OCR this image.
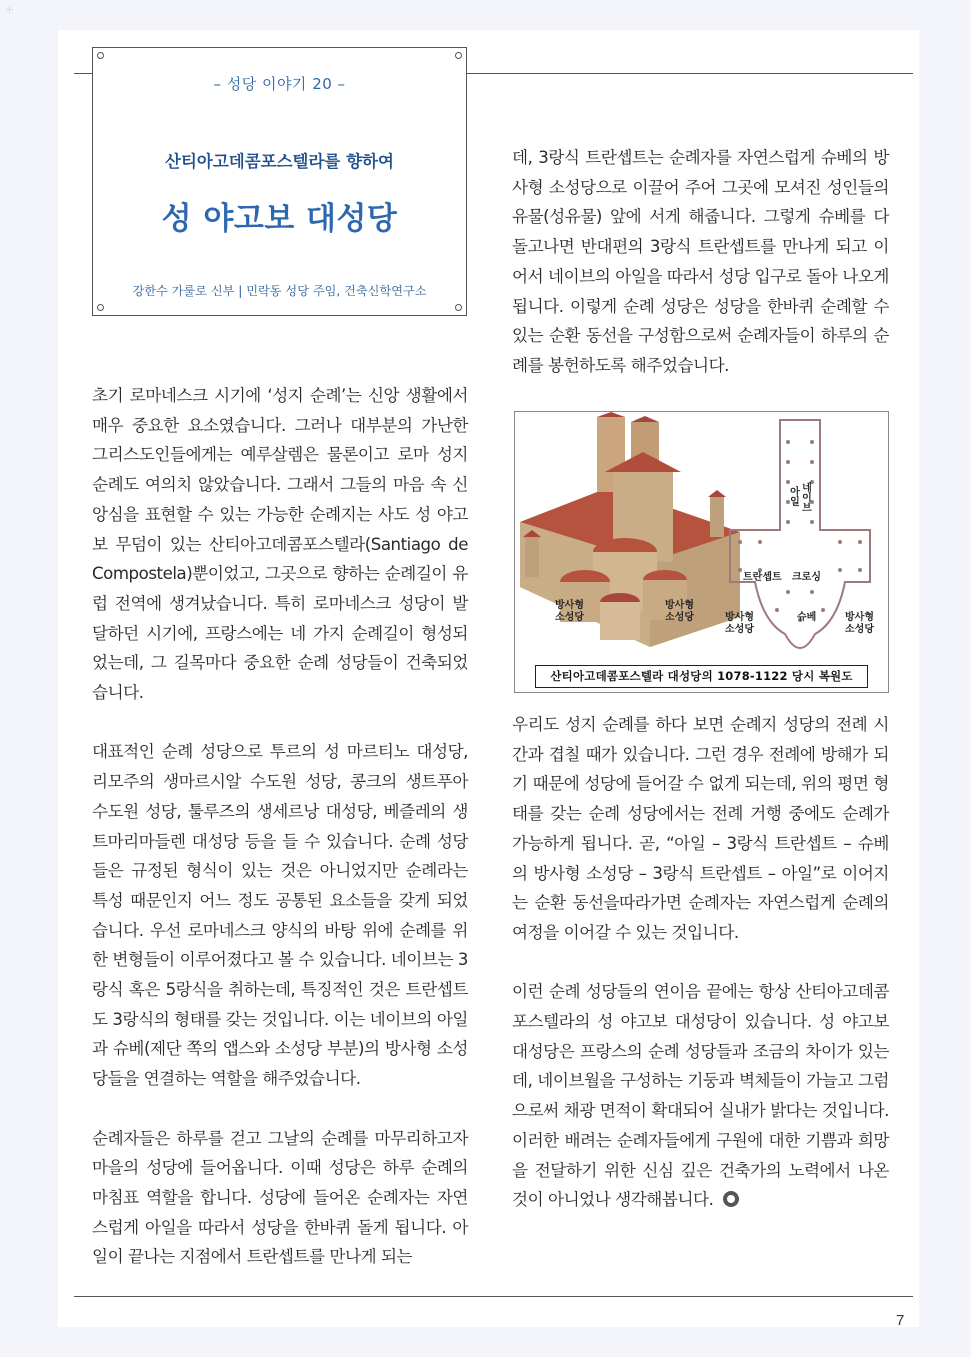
– 성당 이야기 20 –
산티아고데콤포스텔라를 향하여
성 야고보 대성당
강한수 가룰로 신부 | 민락동 성당 주임, 건축신학연구소

초기 로마네스크 시기에 ‘성지 순례’는 신앙 생활에서 매우 중요한 요소였습니다. 그러나 대부분의 가난한 그리스도인들에게는 예루살렘은 물론이고 로마 성지 순례도 여의치 않았습니다. 그래서 그들의 마음 속 신앙심을 표현할 수 있는 가능한 순례지는 사도 성 야고보 무덤이 있는 산티아고데콤포스텔라(Santiago de Compostela)뿐이었고, 그곳으로 향하는 순례길이 유럽 전역에 생겨났습니다. 특히 로마네스크 성당이 발달하던 시기에, 프랑스에는 네 가지 순례길이 형성되었는데, 그 길목마다 중요한 순례 성당들이 건축되었습니다.

대표적인 순례 성당으로 투르의 성 마르티노 대성당, 리모주의 생마르시알 수도원 성당, 콩크의 생트푸아 수도원 성당, 툴루즈의 생세르낭 대성당, 베즐레의 생트마리마들렌 대성당 등을 들 수 있습니다. 순례 성당들은 규정된 형식이 있는 것은 아니었지만 순례라는 특성 때문인지 어느 정도 공통된 요소들을 갖게 되었습니다. 우선 로마네스크 양식의 바탕 위에 순례를 위한 변형들이 이루어졌다고 볼 수 있습니다. 네이브는 3랑식 혹은 5랑식을 취하는데, 특징적인 것은 트란셉트도 3랑식의 형태를 갖는 것입니다. 이는 네이브의 아일과 슈베(제단 쪽의 앱스와 소성당 부분)의 방사형 소성당들을 연결하는 역할을 해주었습니다.

순례자들은 하루를 걷고 그날의 순례를 마무리하고자 마을의 성당에 들어옵니다. 이때 성당은 하루 순례의 마침표 역할을 합니다. 성당에 들어온 순례자는 자연스럽게 아일을 따라서 성당을 한바퀴 돌게 됩니다. 아일이 끝나는 지점에서 트란셉트를 만나게 되는

데, 3랑식 트란셉트는 순례자를 자연스럽게 슈베의 방사형 소성당으로 이끌어 주어 그곳에 모셔진 성인들의 유물(성유물) 앞에 서게 해줍니다. 그렇게 슈베를 다 돌고나면 반대편의 3랑식 트란셉트를 만나게 되고 이어서 네이브의 아일을 따라서 성당 입구로 돌아 나오게 됩니다. 이렇게 순례 성당은 성당을 한바퀴 순례할 수 있는 순환 동선을 구성함으로써 순례자들이 하루의 순례를 봉헌하도록 해주었습니다.

방사형
소성당
방사형
소성당	방사형
소성당
방사형
소성당
트란셉트 크로싱
슈베
네이브
아일
산티아고데콤포스텔라 대성당의 1078-1122 당시 복원도

우리도 성지 순례를 하다 보면 순례지 성당의 전례 시간과 겹칠 때가 있습니다. 그런 경우 전례에 방해가 되기 때문에 성당에 들어갈 수 없게 되는데, 위의 평면 형태를 갖는 순례 성당에서는 전례 거행 중에도 순례가 가능하게 됩니다. 곧, “아일 – 3랑식 트란셉트 – 슈베의 방사형 소성당 – 3랑식 트란셉트 – 아일”로 이어지는 순환 동선을따라가면 순례자는 자연스럽게 순례의 여정을 이어갈 수 있는 것입니다.

이런 순례 성당들의 연이음 끝에는 항상 산티아고데콤포스텔라의 성 야고보 대성당이 있습니다. 성 야고보 대성당은 프랑스의 순례 성당들과 조금의 차이가 있는데, 네이브월을 구성하는 기둥과 벽체들이 가늘고 그럼으로써 채광 면적이 확대되어 실내가 밝다는 것입니다. 이러한 배려는 순례자들에게 구원에 대한 기쁨과 희망을 전달하기 위한 신심 깊은 건축가의 노력에서 나온 것이 아니었나 생각해봅니다.

7
